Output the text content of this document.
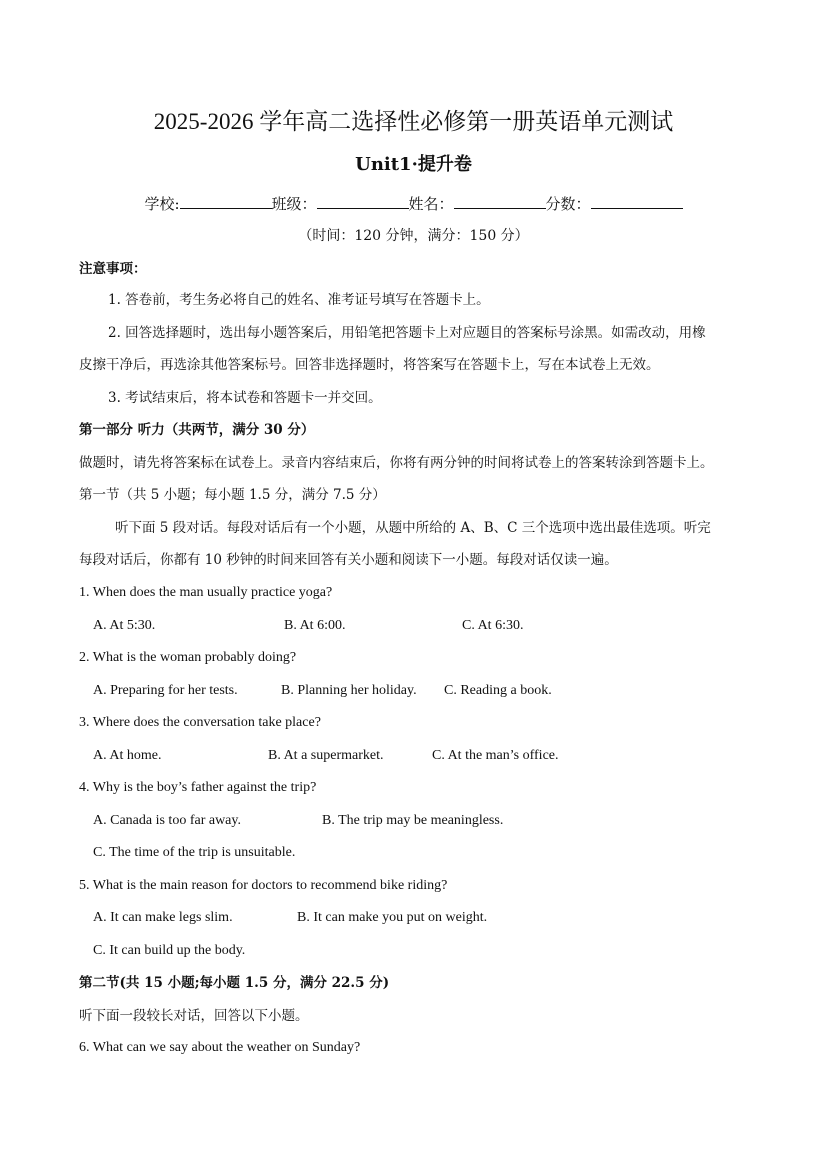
2025-2026 学年高二选择性必修第一册英语单元测试
Unit1·提升卷
学校:	班级：	姓名：	分数：
（时间：120 分钟，满分：150 分）
注意事项：
1. 答卷前，考生务必将自己的姓名、准考证号填写在答题卡上。
2. 回答选择题时，选出每小题答案后，用铅笔把答题卡上对应题目的答案标号涂黑。如需改动，用橡
皮擦干净后，再选涂其他答案标号。回答非选择题时，将答案写在答题卡上，写在本试卷上无效。
3. 考试结束后，将本试卷和答题卡一并交回。
第一部分 听力（共两节，满分 30 分）
做题时，请先将答案标在试卷上。录音内容结束后，你将有两分钟的时间将试卷上的答案转涂到答题卡上。
第一节（共 5 小题；每小题 1.5 分，满分 7.5 分）
听下面 5 段对话。每段对话后有一个小题，从题中所给的 A、B、C 三个选项中选出最佳选项。听完
每段对话后，你都有 10 秒钟的时间来回答有关小题和阅读下一小题。每段对话仅读一遍。
1. When does the man usually practice yoga?
A. At 5:30.	B. At 6:00.	C. At 6:30.
2. What is the woman probably doing?
A. Preparing for her tests.	B. Planning her holiday. C. Reading a book.
3. Where does the conversation take place?
A. At home.	B. At a supermarket.	C. At the man’s office.
4. Why is the boy’s father against the trip?
A. Canada is too far away.	B. The trip may be meaningless.
C. The time of the trip is unsuitable.
5. What is the main reason for doctors to recommend bike riding?
A. It can make legs slim.	B. It can make you put on weight.
C. It can build up the body.
第二节(共 15 小题;每小题 1.5 分，满分 22.5 分)
听下面一段较长对话，回答以下小题。
6. What can we say about the weather on Sunday?
